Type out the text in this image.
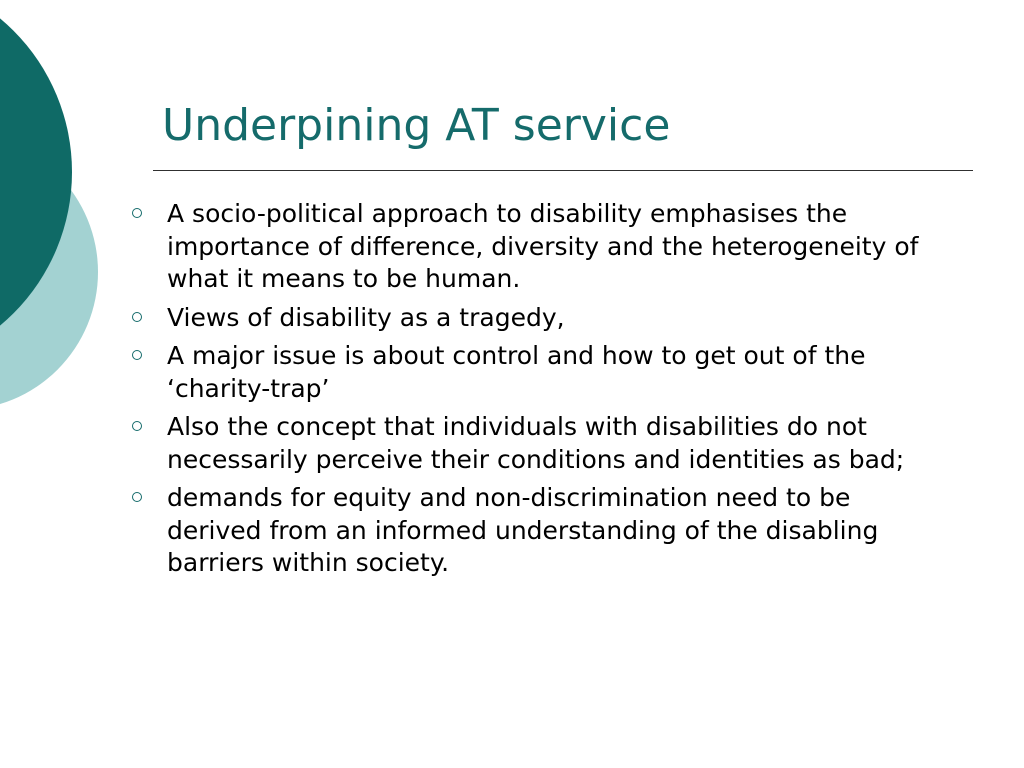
Underpining AT service
A socio-political approach to disability emphasises the importance of difference, diversity and the heterogeneity of what it means to be human.
Views of disability as a tragedy,
A major issue is about control and how to get out of the ‘charity-trap’
Also the concept that individuals with disabilities do not necessarily perceive their conditions and identities as bad;
demands for equity and non-discrimination need to be derived from an informed understanding of the disabling barriers within society.
